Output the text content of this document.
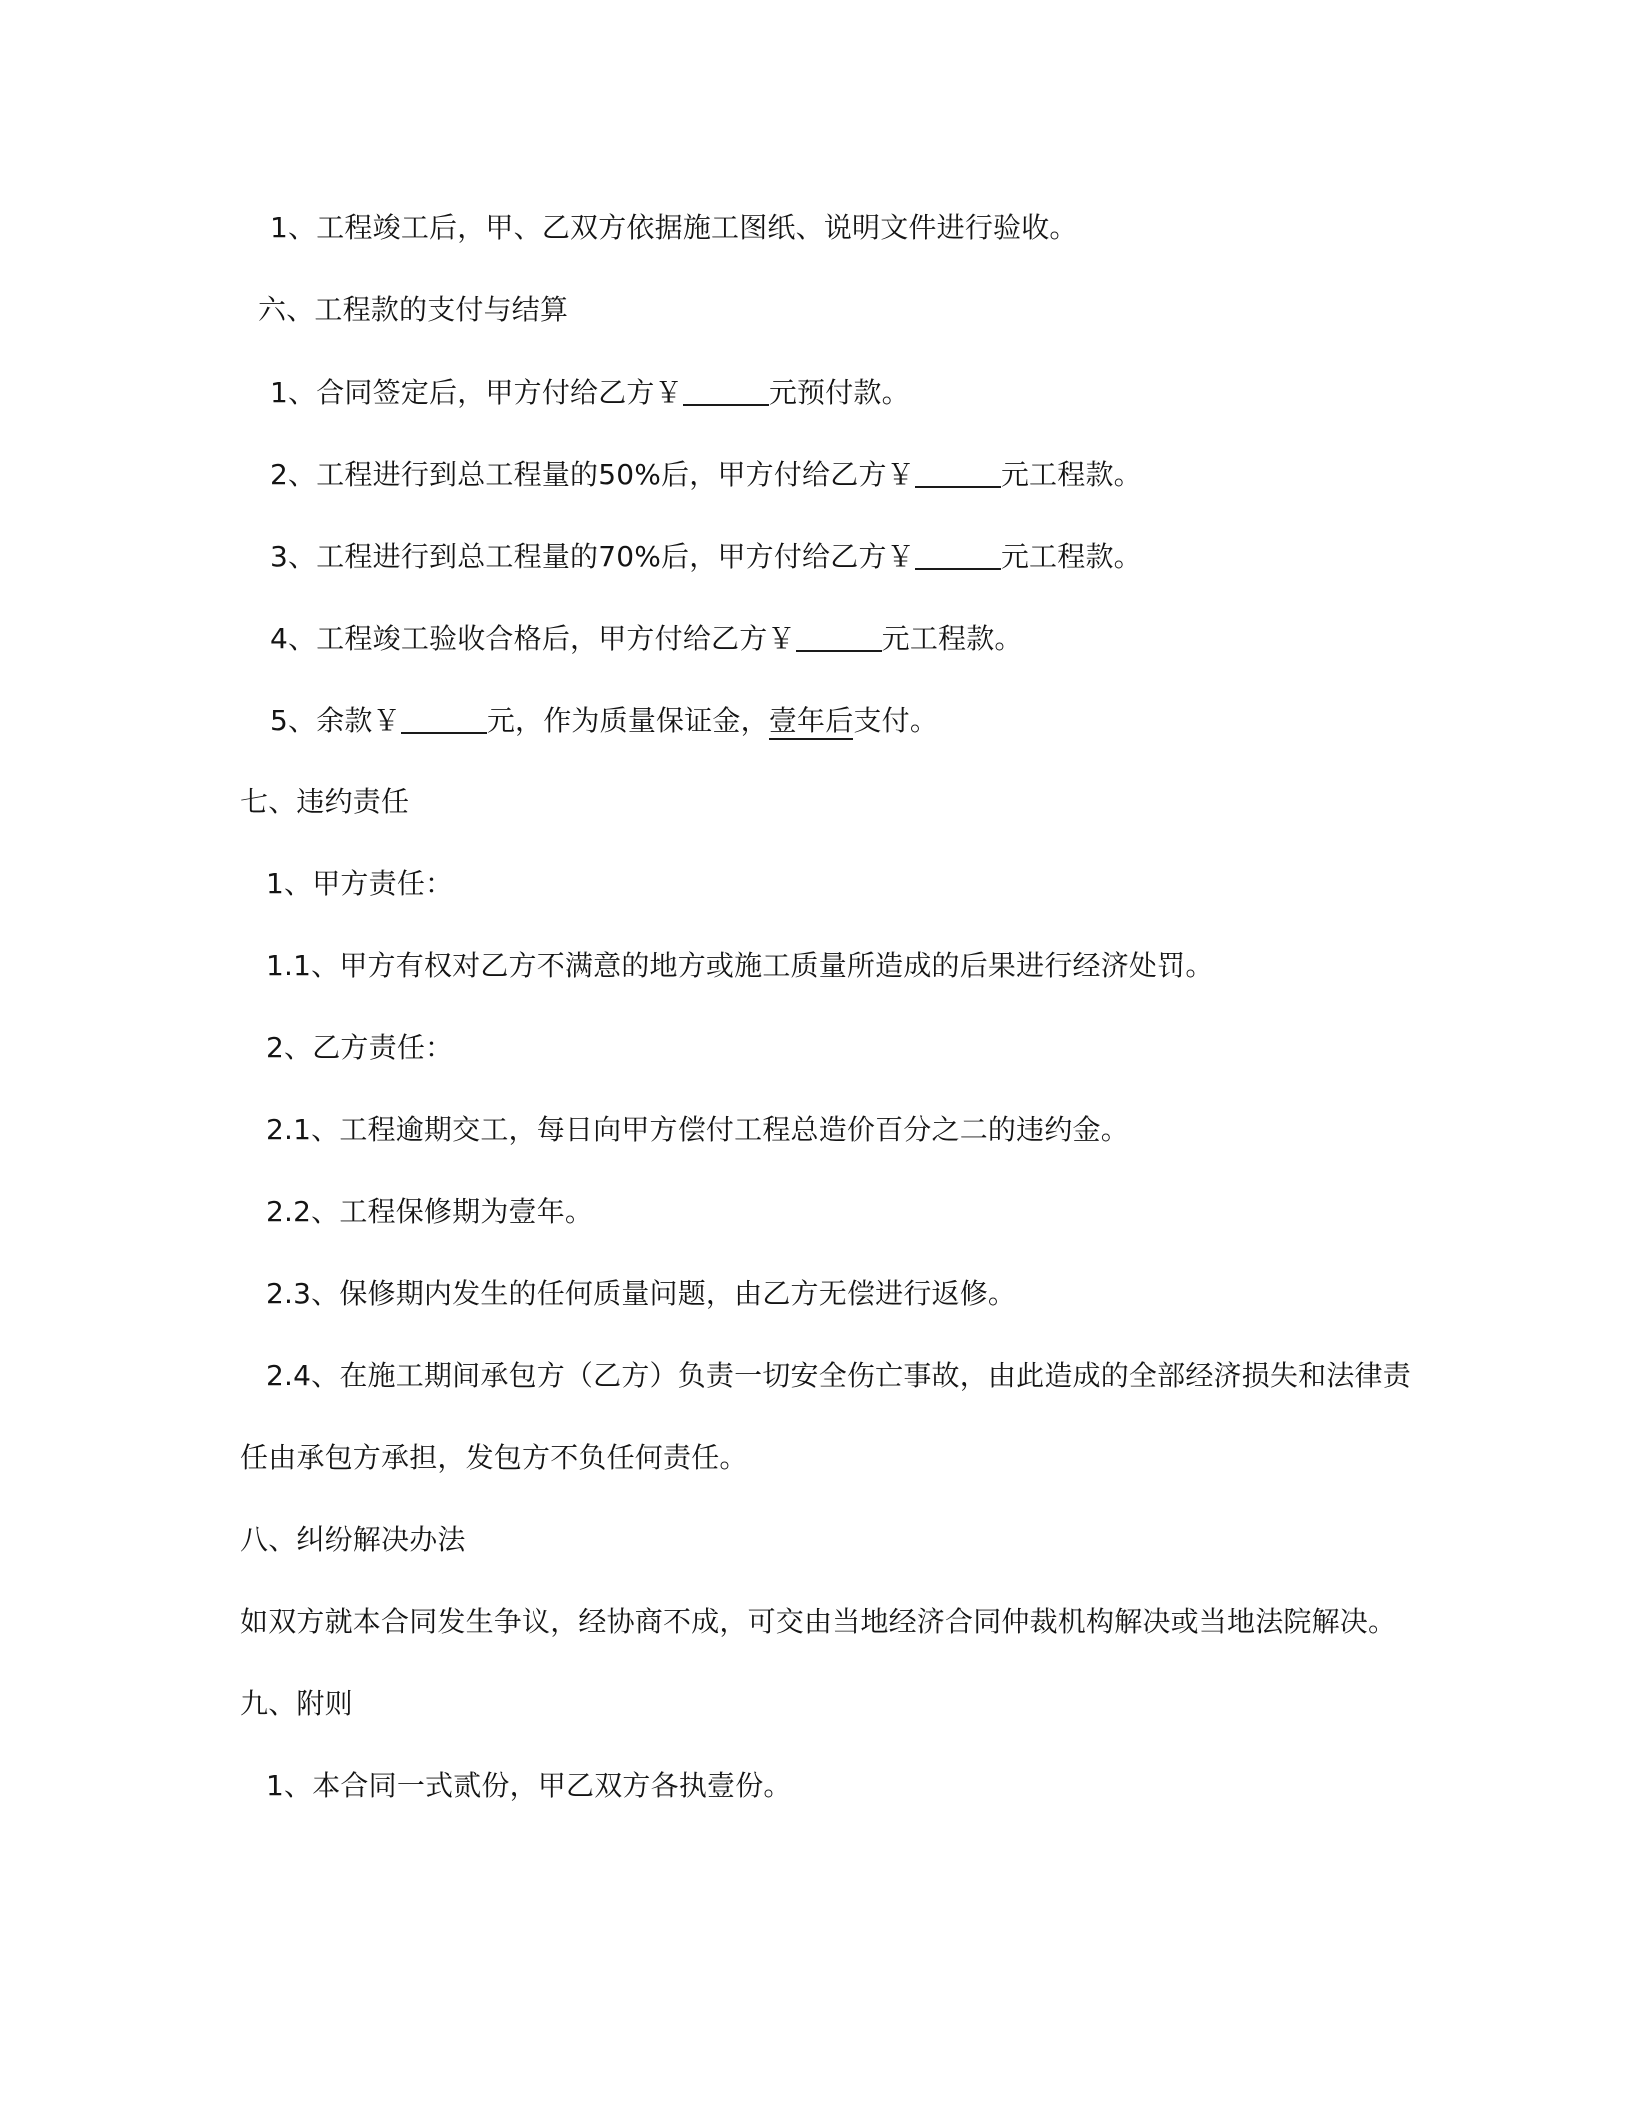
1、工程竣工后，甲、乙双方依据施工图纸、说明文件进行验收。
六、工程款的支付与结算
1、合同签定后，甲方付给乙方￥	元预付款。
2、工程进行到总工程量的50%后，甲方付给乙方￥	元工程款。
3、工程进行到总工程量的70%后，甲方付给乙方￥	元工程款。
4、工程竣工验收合格后，甲方付给乙方￥	元工程款。
5、余款￥	元，作为质量保证金，壹年后支付。
七、违约责任
1、甲方责任：
1.1、甲方有权对乙方不满意的地方或施工质量所造成的后果进行经济处罚。
2、乙方责任：
2.1、工程逾期交工，每日向甲方偿付工程总造价百分之二的违约金。
2.2、工程保修期为壹年。
2.3、保修期内发生的任何质量问题，由乙方无偿进行返修。
2.4、在施工期间承包方（乙方）负责一切安全伤亡事故，由此造成的全部经济损失和法律责
任由承包方承担，发包方不负任何责任。
八、纠纷解决办法
如双方就本合同发生争议，经协商不成，可交由当地经济合同仲裁机构解决或当地法院解决。
九、附则
1、本合同一式贰份，甲乙双方各执壹份。
